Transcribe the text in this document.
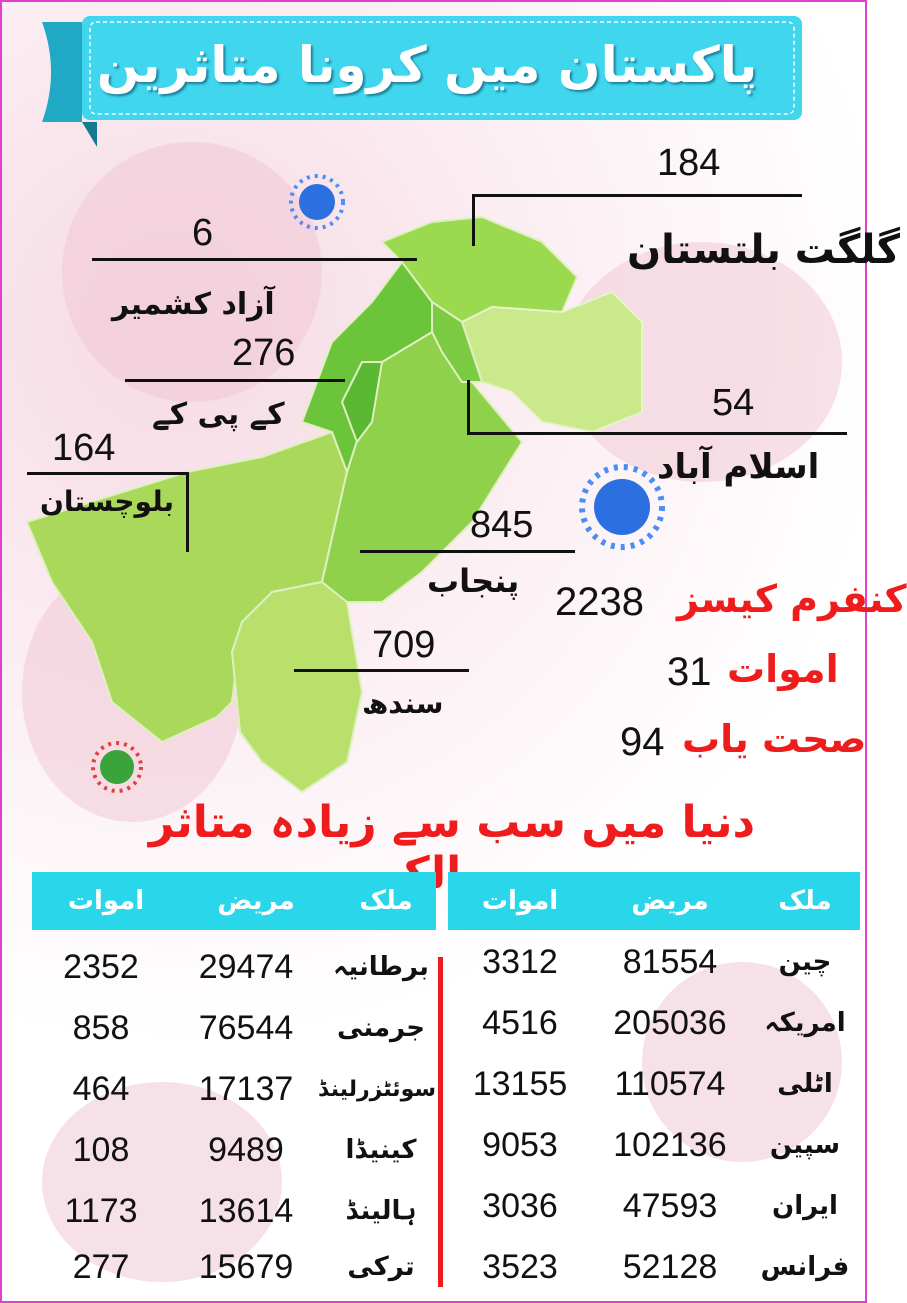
پاکستان میں کرونا متاثرین
184
گلگت بلتستان
6
آزاد کشمیر
276
کے پی کے
164
بلوچستان
54
اسلام آباد
845
پنجاب
709
سندھ
کنفرم کیسز
2238
اموات
31
صحت یاب
94
دنیا میں سب سے زیادہ متاثر
ملک
مریض
اموات
ملک
مریض
اموات
چین
81554
3312
امریکہ
205036
4516
اٹلی
110574
13155
سپین
102136
9053
ایران
47593
3036
فرانس
52128
3523
برطانیہ
29474
2352
جرمنی
76544
858
سوئٹزرلینڈ
17137
464
کینیڈا
9489
108
ہالینڈ
13614
1173
ترکی
15679
277
